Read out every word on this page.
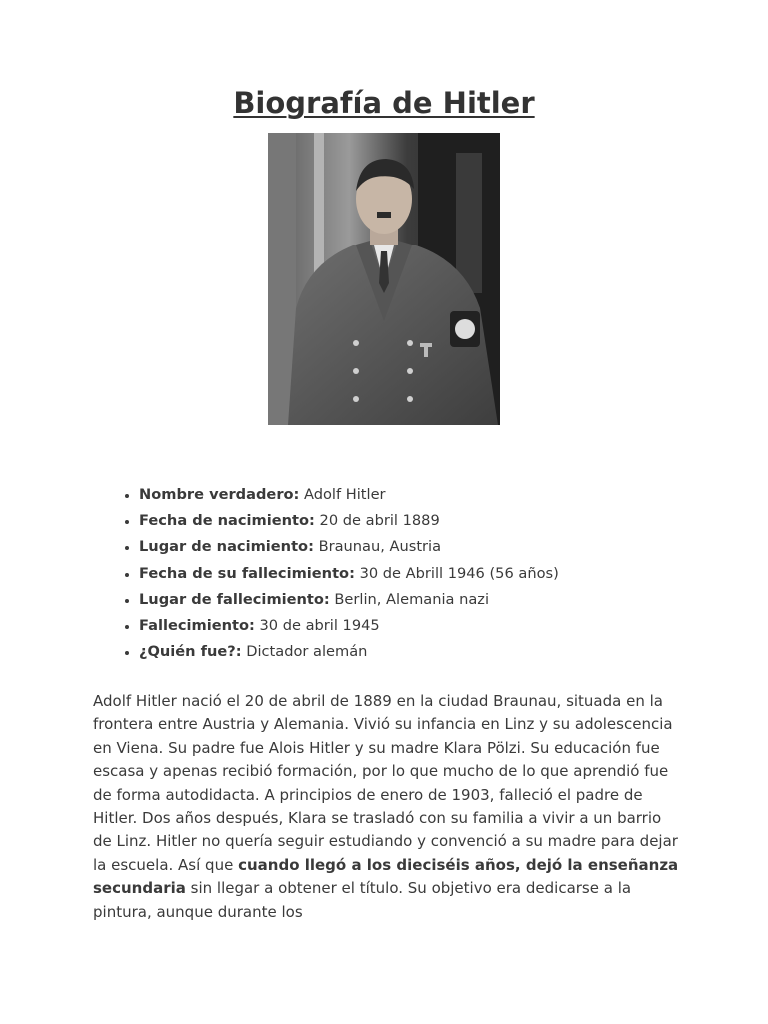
Biografía de Hitler
• Nombre verdadero: Adolf Hitler
• Fecha de nacimiento: 20 de abril 1889
• Lugar de nacimiento: Braunau, Austria
• Fecha de su fallecimiento: 30 de Abrill 1946 (56 años)
• Lugar de fallecimiento: Berlin, Alemania nazi
• Fallecimiento: 30 de abril 1945
• ¿Quién fue?: Dictador alemán

Adolf Hitler nació el 20 de abril de 1889 en la ciudad Braunau, situada en la frontera entre Austria y Alemania. Vivió su infancia en Linz y su adolescencia en Viena. Su padre fue Alois Hitler y su madre Klara Pölzi. Su educación fue escasa y apenas recibió formación, por lo que mucho de lo que aprendió fue de forma autodidacta. A principios de enero de 1903, falleció el padre de Hitler. Dos años después, Klara se trasladó con su familia a vivir a un barrio de Linz. Hitler no quería seguir estudiando y convenció a su madre para dejar la escuela. Así que cuando llegó a los dieciséis años, dejó la enseñanza secundaria sin llegar a obtener el título. Su objetivo era dedicarse a la pintura, aunque durante los
